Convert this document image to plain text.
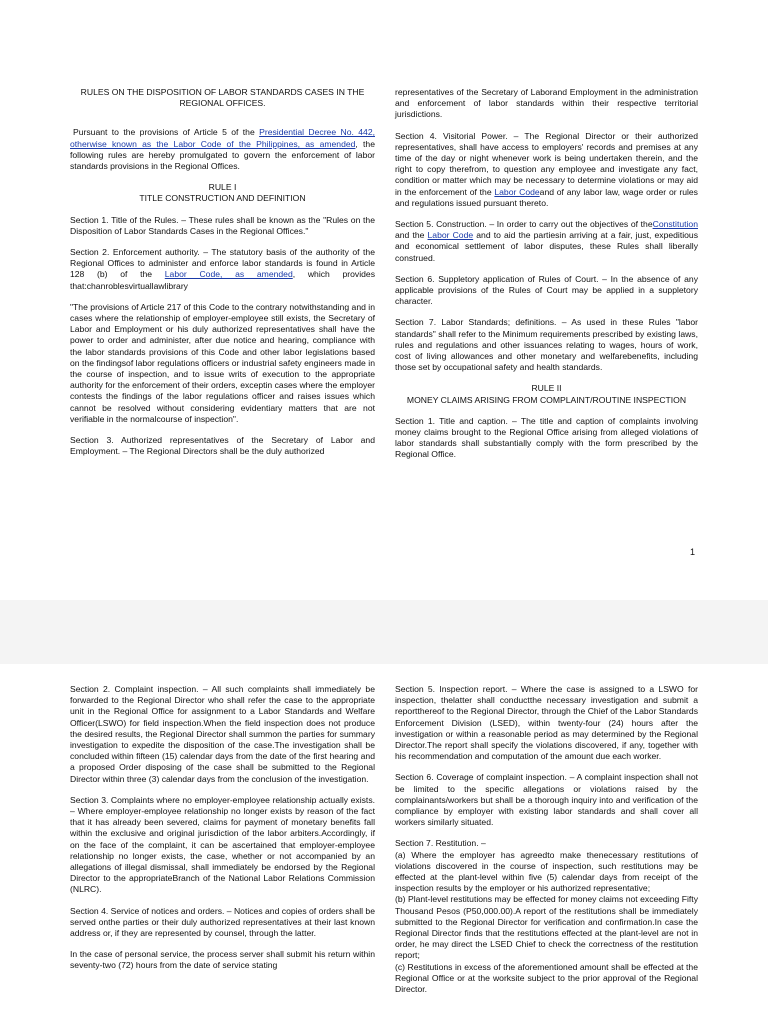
RULES ON THE DISPOSITION OF LABOR STANDARDS CASES IN THE REGIONAL OFFICES.

Pursuant to the provisions of Article 5 of the Presidential Decree No. 442, otherwise known as the Labor Code of the Philippines, as amended, the following rules are hereby promulgated to govern the enforcement of labor standards provisions in the Regional Offices.

RULE I

TITLE CONSTRUCTION AND DEFINITION

Section 1. Title of the Rules. – These rules shall be known as the "Rules on the Disposition of Labor Standards Cases in the Regional Offices."

Section 2. Enforcement authority. – The statutory basis of the authority of the Regional Offices to administer and enforce labor standards is found in Article 128 (b) of the Labor Code, as amended, which provides that:chanroblesvirtuallawlibrary

"The provisions of Article 217 of this Code to the contrary notwithstanding and in cases where the relationship of employer-employee still exists, the Secretary of Labor and Employment or his duly authorized representatives shall have the power to order and administer, after due notice and hearing, compliance with the labor standards provisions of this Code and other labor legislations based on the findingsof labor regulations officers or industrial safety engineers made in the course of inspection, and to issue writs of execution to the appropriate authority for the enforcement of their orders, exceptin cases where the employer contests the findings of the labor regulations officer and raises issues which cannot be resolved without considering evidentiary matters that are not verifiable in the normalcourse of inspection".

Section 3. Authorized representatives of the Secretary of Labor and Employment. – The Regional Directors shall be the duly authorized

representatives of the Secretary of Laborand Employment in the administration and enforcement of labor standards within their respective territorial jurisdictions.

Section 4. Visitorial Power. – The Regional Director or their authorized representatives, shall have access to employers' records and premises at any time of the day or night whenever work is being undertaken therein, and the right to copy therefrom, to question any employee and investigate any fact, condition or matter which may be necessary to determine violations or may aid in the enforcement of the Labor Codeand of any labor law, wage order or rules and regulations issued pursuant thereto.

Section 5. Construction. – In order to carry out the objectives of theConstitution and the Labor Code and to aid the partiesin arriving at a fair, just, expeditious and economical settlement of labor disputes, these Rules shall liberally construed.

Section 6. Suppletory application of Rules of Court. – In the absence of any applicable provisions of the Rules of Court may be applied in a suppletory character.

Section 7. Labor Standards; definitions. – As used in these Rules "labor standards" shall refer to the Minimum requirements prescribed by existing laws, rules and regulations and other issuances relating to wages, hours of work, cost of living allowances and other monetary and welfarebenefits, including those set by occupational safety and health standards.

RULE II

MONEY CLAIMS ARISING FROM COMPLAINT/ROUTINE INSPECTION

Section 1. Title and caption. – The title and caption of complaints involving money claims brought to the Regional Office arising from alleged violations of labor standards shall substantially comply with the form prescribed by the Regional Office.

1

Section 2. Complaint inspection. – All such complaints shall immediately be forwarded to the Regional Director who shall refer the case to the appropriate unit in the Regional Office for assignment to a Labor Standards and Welfare Officer(LSWO) for field inspection.When the field inspection does not produce the desired results, the Regional Director shall summon the parties for summary investigation to expedite the disposition of the case.The investigation shall be concluded within fifteen (15) calendar days from the date of the first hearing and a proposed Order disposing of the case shall be submitted to the Regional Director within three (3) calendar days from the conclusion of the investigation.

Section 3. Complaints where no employer-employee relationship actually exists. – Where employer-employee relationship no longer exists by reason of the fact that it has already been severed, claims for payment of monetary benefits fall within the exclusive and original jurisdiction of the labor arbiters.Accordingly, if on the face of the complaint, it can be ascertained that employer-employee relationship no longer exists, the case, whether or not accompanied by an allegations of illegal dismissal, shall immediately be endorsed by the Regional Director to the appropriateBranch of the National Labor Relations Commission (NLRC).

Section 4. Service of notices and orders. – Notices and copies of orders shall be served onthe parties or their duly authorized representatives at their last known address or, if they are represented by counsel, through the latter.

In the case of personal service, the process server shall submit his return within seventy-two (72) hours from the date of service stating

Section 5. Inspection report. – Where the case is assigned to a LSWO for inspection, thelatter shall conductthe necessary investigation and submit a reportthereof to the Regional Director, through the Chief of the Labor Standards Enforcement Division (LSED), within twenty-four (24) hours after the investigation or within a reasonable period as may determined by the Regional Director.The report shall specify the violations discovered, if any, together with his recommendation and computation of the amount due each worker.

Section 6. Coverage of complaint inspection. – A complaint inspection shall not be limited to the specific allegations or violations raised by the complainants/workers but shall be a thorough inquiry into and verification of the compliance by employer with existing labor standards and shall cover all workers similarly situated.

Section 7. Restitution. –

(a) Where the employer has agreedto make thenecessary restitutions of violations discovered in the course of inspection, such restitutions may be effected at the plant-level within five (5) calendar days from receipt of the inspection results by the employer or his authorized representative;

(b) Plant-level restitutions may be effected for money claims not exceeding Fifty Thousand Pesos (P50,000.00).A report of the restitutions shall be immediately submitted to the Regional Director for verification and confirmation.In case the Regional Director finds that the restitutions effected at the plant-level are not in order, he may direct the LSED Chief to check the correctness of the restitution report;

(c) Restitutions in excess of the aforementioned amount shall be effected at the Regional Office or at the worksite subject to the prior approval of the Regional Director.
